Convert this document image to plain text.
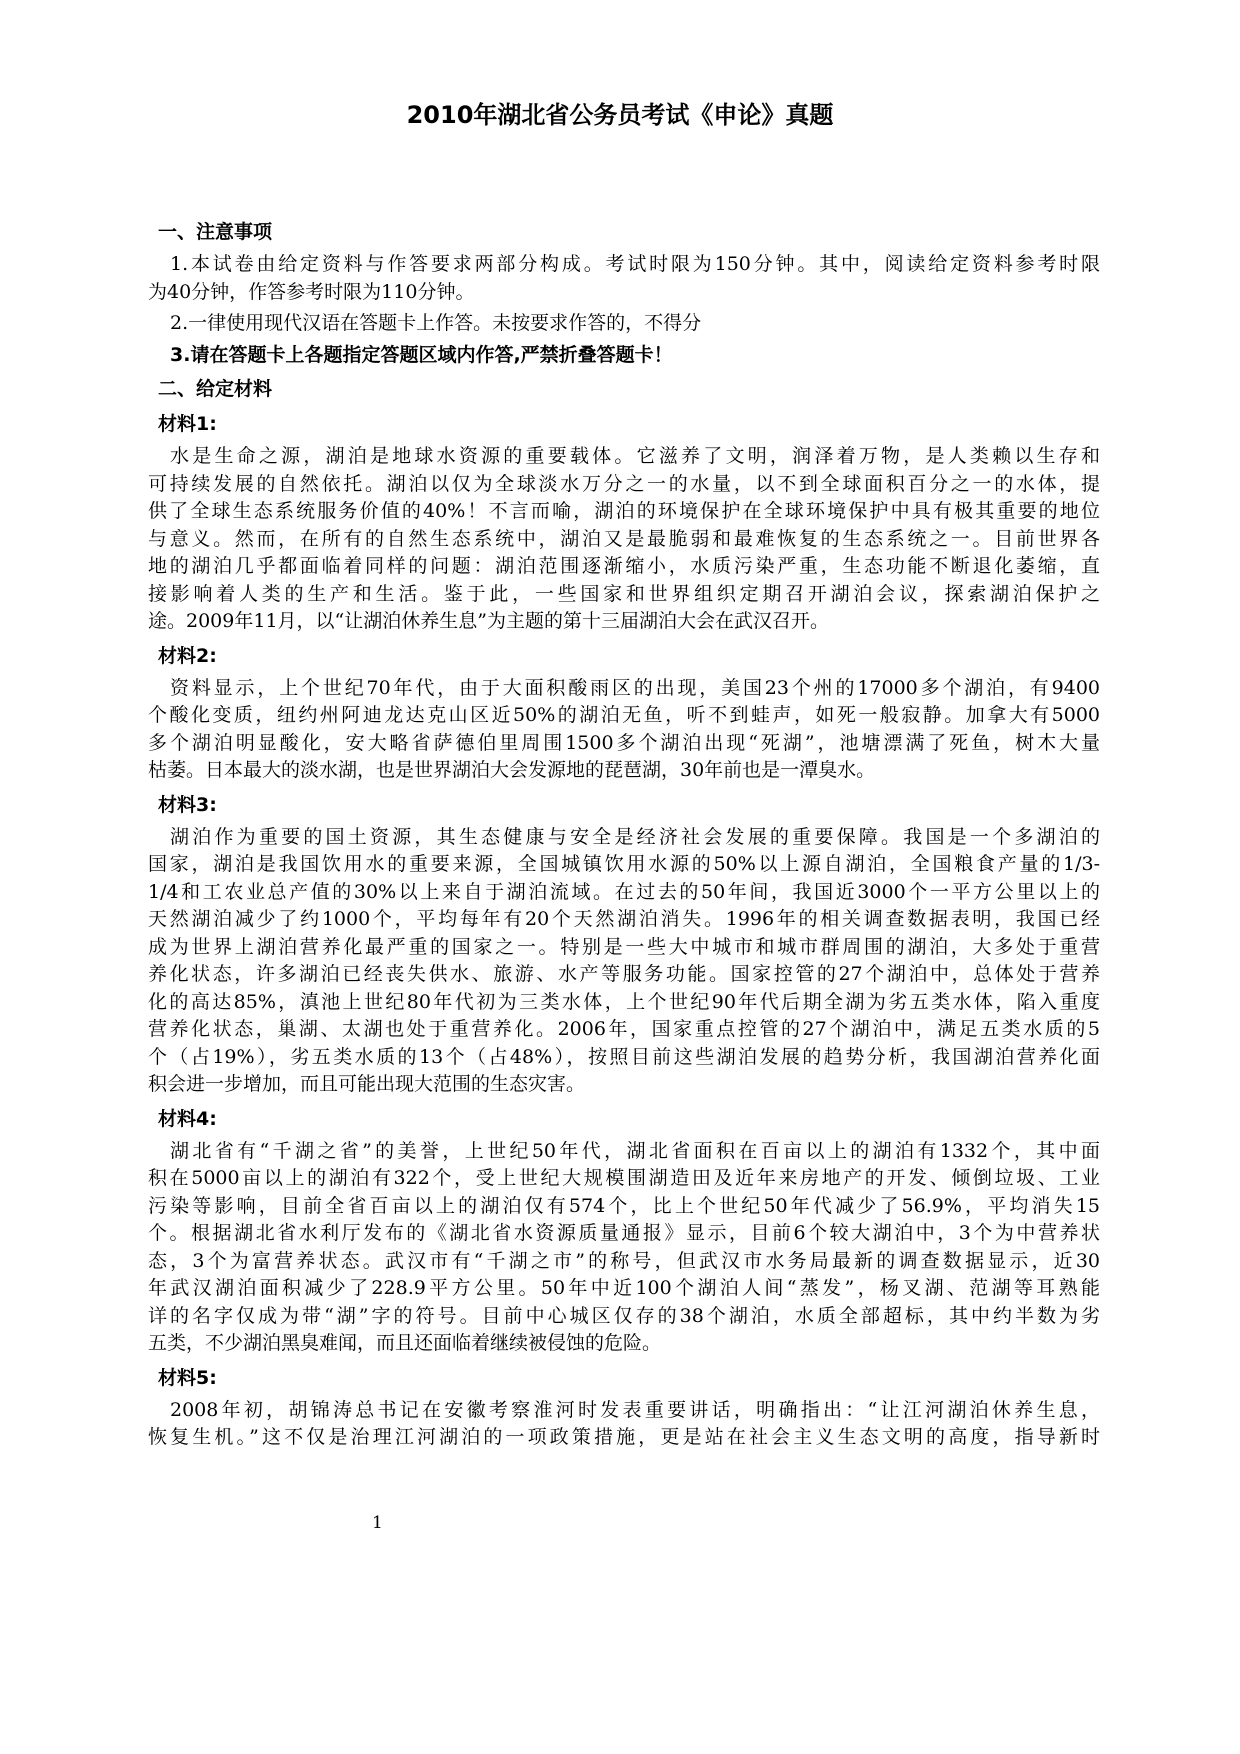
2010年湖北省公务员考试《申论》真题
一、注意事项
1.本试卷由给定资料与作答要求两部分构成。考试时限为150分钟。其中，阅读给定资料参考时限
为40分钟，作答参考时限为110分钟。
2.一律使用现代汉语在答题卡上作答。未按要求作答的，不得分
3.请在答题卡上各题指定答题区域内作答,严禁折叠答题卡！
二、给定材料
材料1:
水是生命之源，湖泊是地球水资源的重要载体。它滋养了文明，润泽着万物，是人类赖以生存和
可持续发展的自然依托。湖泊以仅为全球淡水万分之一的水量，以不到全球面积百分之一的水体，提
供了全球生态系统服务价值的40%！不言而喻，湖泊的环境保护在全球环境保护中具有极其重要的地位
与意义。然而，在所有的自然生态系统中，湖泊又是最脆弱和最难恢复的生态系统之一。目前世界各
地的湖泊几乎都面临着同样的问题：湖泊范围逐渐缩小，水质污染严重，生态功能不断退化萎缩，直
接影响着人类的生产和生活。鉴于此，一些国家和世界组织定期召开湖泊会议，探索湖泊保护之
途。2009年11月，以“让湖泊休养生息”为主题的第十三届湖泊大会在武汉召开。
材料2:
资料显示，上个世纪70年代，由于大面积酸雨区的出现，美国23个州的17000多个湖泊，有9400
个酸化变质，纽约州阿迪龙达克山区近50%的湖泊无鱼，听不到蛙声，如死一般寂静。加拿大有5000
多个湖泊明显酸化，安大略省萨德伯里周围1500多个湖泊出现“死湖”，池塘漂满了死鱼，树木大量
枯萎。日本最大的淡水湖，也是世界湖泊大会发源地的琵琶湖，30年前也是一潭臭水。
材料3:
湖泊作为重要的国土资源，其生态健康与安全是经济社会发展的重要保障。我国是一个多湖泊的
国家，湖泊是我国饮用水的重要来源，全国城镇饮用水源的50%以上源自湖泊，全国粮食产量的1/3-
1/4和工农业总产值的30%以上来自于湖泊流域。在过去的50年间，我国近3000个一平方公里以上的
天然湖泊减少了约1000个，平均每年有20个天然湖泊消失。1996年的相关调查数据表明，我国已经
成为世界上湖泊营养化最严重的国家之一。特别是一些大中城市和城市群周围的湖泊，大多处于重营
养化状态，许多湖泊已经丧失供水、旅游、水产等服务功能。国家控管的27个湖泊中，总体处于营养
化的高达85%，滇池上世纪80年代初为三类水体，上个世纪90年代后期全湖为劣五类水体，陷入重度
营养化状态，巢湖、太湖也处于重营养化。2006年，国家重点控管的27个湖泊中，满足五类水质的5
个（占19%），劣五类水质的13个（占48%），按照目前这些湖泊发展的趋势分析，我国湖泊营养化面
积会进一步增加，而且可能出现大范围的生态灾害。
材料4:
湖北省有“千湖之省”的美誉，上世纪50年代，湖北省面积在百亩以上的湖泊有1332个，其中面
积在5000亩以上的湖泊有322个，受上世纪大规模围湖造田及近年来房地产的开发、倾倒垃圾、工业
污染等影响，目前全省百亩以上的湖泊仅有574个，比上个世纪50年代减少了56.9%，平均消失15
个。根据湖北省水利厅发布的《湖北省水资源质量通报》显示，目前6个较大湖泊中，3个为中营养状
态，3个为富营养状态。武汉市有“千湖之市”的称号，但武汉市水务局最新的调查数据显示，近30
年武汉湖泊面积减少了228.9平方公里。50年中近100个湖泊人间“蒸发”，杨叉湖、范湖等耳熟能
详的名字仅成为带“湖”字的符号。目前中心城区仅存的38个湖泊，水质全部超标，其中约半数为劣
五类，不少湖泊黑臭难闻，而且还面临着继续被侵蚀的危险。
材料5:
2008年初，胡锦涛总书记在安徽考察淮河时发表重要讲话，明确指出：“让江河湖泊休养生息，
恢复生机。”这不仅是治理江河湖泊的一项政策措施，更是站在社会主义生态文明的高度，指导新时
1
